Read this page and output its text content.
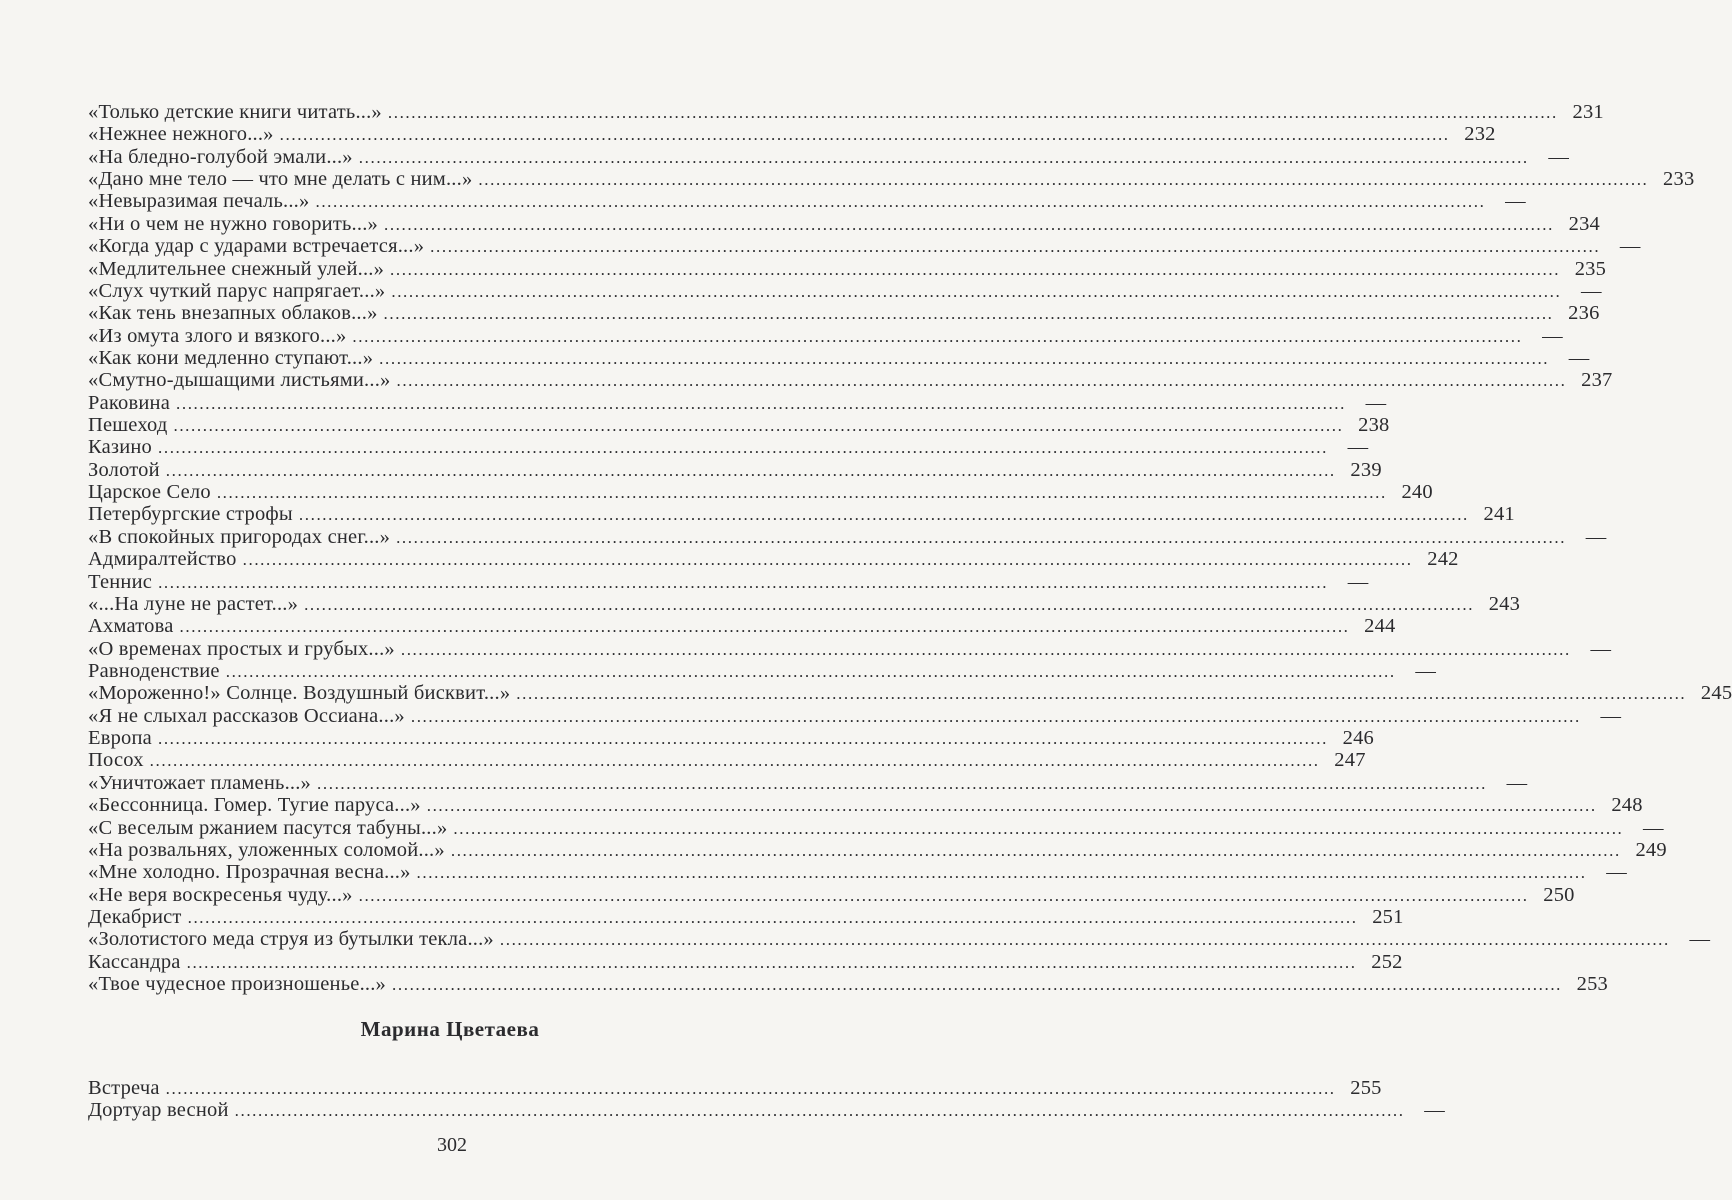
«Только детские книги читать...» ........................................................................................................................................................................................................ 231
«Нежнее нежного...» ........................................................................................................................................................................................................ 232
«На бледно-голубой эмали...» ........................................................................................................................................................................................................ —
«Дано мне тело — что мне делать с ним...» ........................................................................................................................................................................................................ 233
«Невыразимая печаль...» ........................................................................................................................................................................................................ —
«Ни о чем не нужно говорить...» ........................................................................................................................................................................................................ 234
«Когда удар с ударами встречается...» ........................................................................................................................................................................................................ —
«Медлительнее снежный улей...» ........................................................................................................................................................................................................ 235
«Слух чуткий парус напрягает...» ........................................................................................................................................................................................................ —
«Как тень внезапных облаков...» ........................................................................................................................................................................................................ 236
«Из омута злого и вязкого...» ........................................................................................................................................................................................................ —
«Как кони медленно ступают...» ........................................................................................................................................................................................................ —
«Смутно-дышащими листьями...» ........................................................................................................................................................................................................ 237
Раковина ........................................................................................................................................................................................................ —
Пешеход ........................................................................................................................................................................................................ 238
Казино ........................................................................................................................................................................................................ —
Золотой ........................................................................................................................................................................................................ 239
Царское Село ........................................................................................................................................................................................................ 240
Петербургские строфы ........................................................................................................................................................................................................ 241
«В спокойных пригородах снег...» ........................................................................................................................................................................................................ —
Адмиралтейство ........................................................................................................................................................................................................ 242
Теннис ........................................................................................................................................................................................................ —
«...На луне не растет...» ........................................................................................................................................................................................................ 243
Ахматова ........................................................................................................................................................................................................ 244
«О временах простых и грубых...» ........................................................................................................................................................................................................ —
Равноденствие ........................................................................................................................................................................................................ —
«Мороженно!» Солнце. Воздушный бисквит...» ........................................................................................................................................................................................................ 245
«Я не слыхал рассказов Оссиана...» ........................................................................................................................................................................................................ —
Европа ........................................................................................................................................................................................................ 246
Посох ........................................................................................................................................................................................................ 247
«Уничтожает пламень...» ........................................................................................................................................................................................................ —
«Бессонница. Гомер. Тугие паруса...» ........................................................................................................................................................................................................ 248
«С веселым ржанием пасутся табуны...» ........................................................................................................................................................................................................ —
«На розвальнях, уложенных соломой...» ........................................................................................................................................................................................................ 249
«Мне холодно. Прозрачная весна...» ........................................................................................................................................................................................................ —
«Не веря воскресенья чуду...» ........................................................................................................................................................................................................ 250
Декабрист ........................................................................................................................................................................................................ 251
«Золотистого меда струя из бутылки текла...» ........................................................................................................................................................................................................ —
Кассандра ........................................................................................................................................................................................................ 252
«Твое чудесное произношенье...» ........................................................................................................................................................................................................ 253
Марина Цветаева
Встреча ........................................................................................................................................................................................................ 255
Дортуар весной ........................................................................................................................................................................................................ —
302
